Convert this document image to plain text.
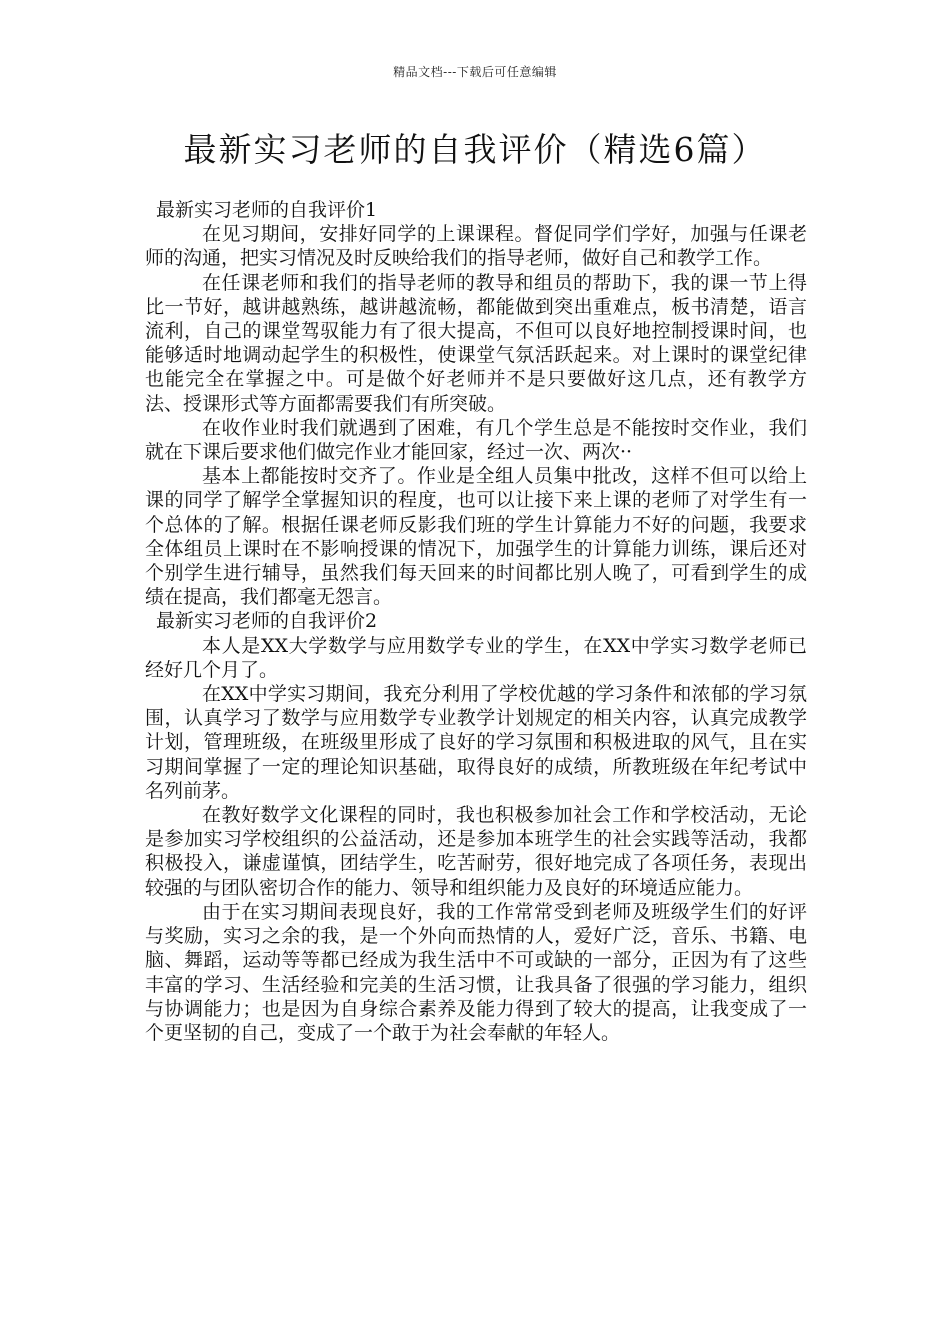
精品文档---下载后可任意编辑
最新实习老师的自我评价（精选6篇）
最新实习老师的自我评价1

在见习期间，安排好同学的上课课程。督促同学们学好，加强与任课老师的沟通，把实习情况及时反映给我们的指导老师，做好自己和教学工作。

在任课老师和我们的指导老师的教导和组员的帮助下，我的课一节上得比一节好，越讲越熟练，越讲越流畅，都能做到突出重难点，板书清楚，语言流利，自己的课堂驾驭能力有了很大提高，不但可以良好地控制授课时间，也能够适时地调动起学生的积极性，使课堂气氛活跃起来。对上课时的课堂纪律也能完全在掌握之中。可是做个好老师并不是只要做好这几点，还有教学方法、授课形式等方面都需要我们有所突破。

在收作业时我们就遇到了困难，有几个学生总是不能按时交作业，我们就在下课后要求他们做完作业才能回家，经过一次、两次··

基本上都能按时交齐了。作业是全组人员集中批改，这样不但可以给上课的同学了解学全掌握知识的程度，也可以让接下来上课的老师了对学生有一个总体的了解。根据任课老师反影我们班的学生计算能力不好的问题，我要求全体组员上课时在不影响授课的情况下，加强学生的计算能力训练，课后还对个别学生进行辅导，虽然我们每天回来的时间都比别人晚了，可看到学生的成绩在提高，我们都毫无怨言。

最新实习老师的自我评价2

本人是XX大学数学与应用数学专业的学生，在XX中学实习数学老师已经好几个月了。

在XX中学实习期间，我充分利用了学校优越的学习条件和浓郁的学习氛围，认真学习了数学与应用数学专业教学计划规定的相关内容，认真完成教学计划，管理班级，在班级里形成了良好的学习氛围和积极进取的风气，且在实习期间掌握了一定的理论知识基础，取得良好的成绩，所教班级在年纪考试中名列前茅。

在教好数学文化课程的同时，我也积极参加社会工作和学校活动，无论是参加实习学校组织的公益活动，还是参加本班学生的社会实践等活动，我都积极投入，谦虚谨慎，团结学生，吃苦耐劳，很好地完成了各项任务，表现出较强的与团队密切合作的能力、领导和组织能力及良好的环境适应能力。

由于在实习期间表现良好，我的工作常常受到老师及班级学生们的好评与奖励，实习之余的我，是一个外向而热情的人，爱好广泛，音乐、书籍、电脑、舞蹈，运动等等都已经成为我生活中不可或缺的一部分，正因为有了这些丰富的学习、生活经验和完美的生活习惯，让我具备了很强的学习能力，组织与协调能力；也是因为自身综合素养及能力得到了较大的提高，让我变成了一个更坚韧的自己，变成了一个敢于为社会奉献的年轻人。
